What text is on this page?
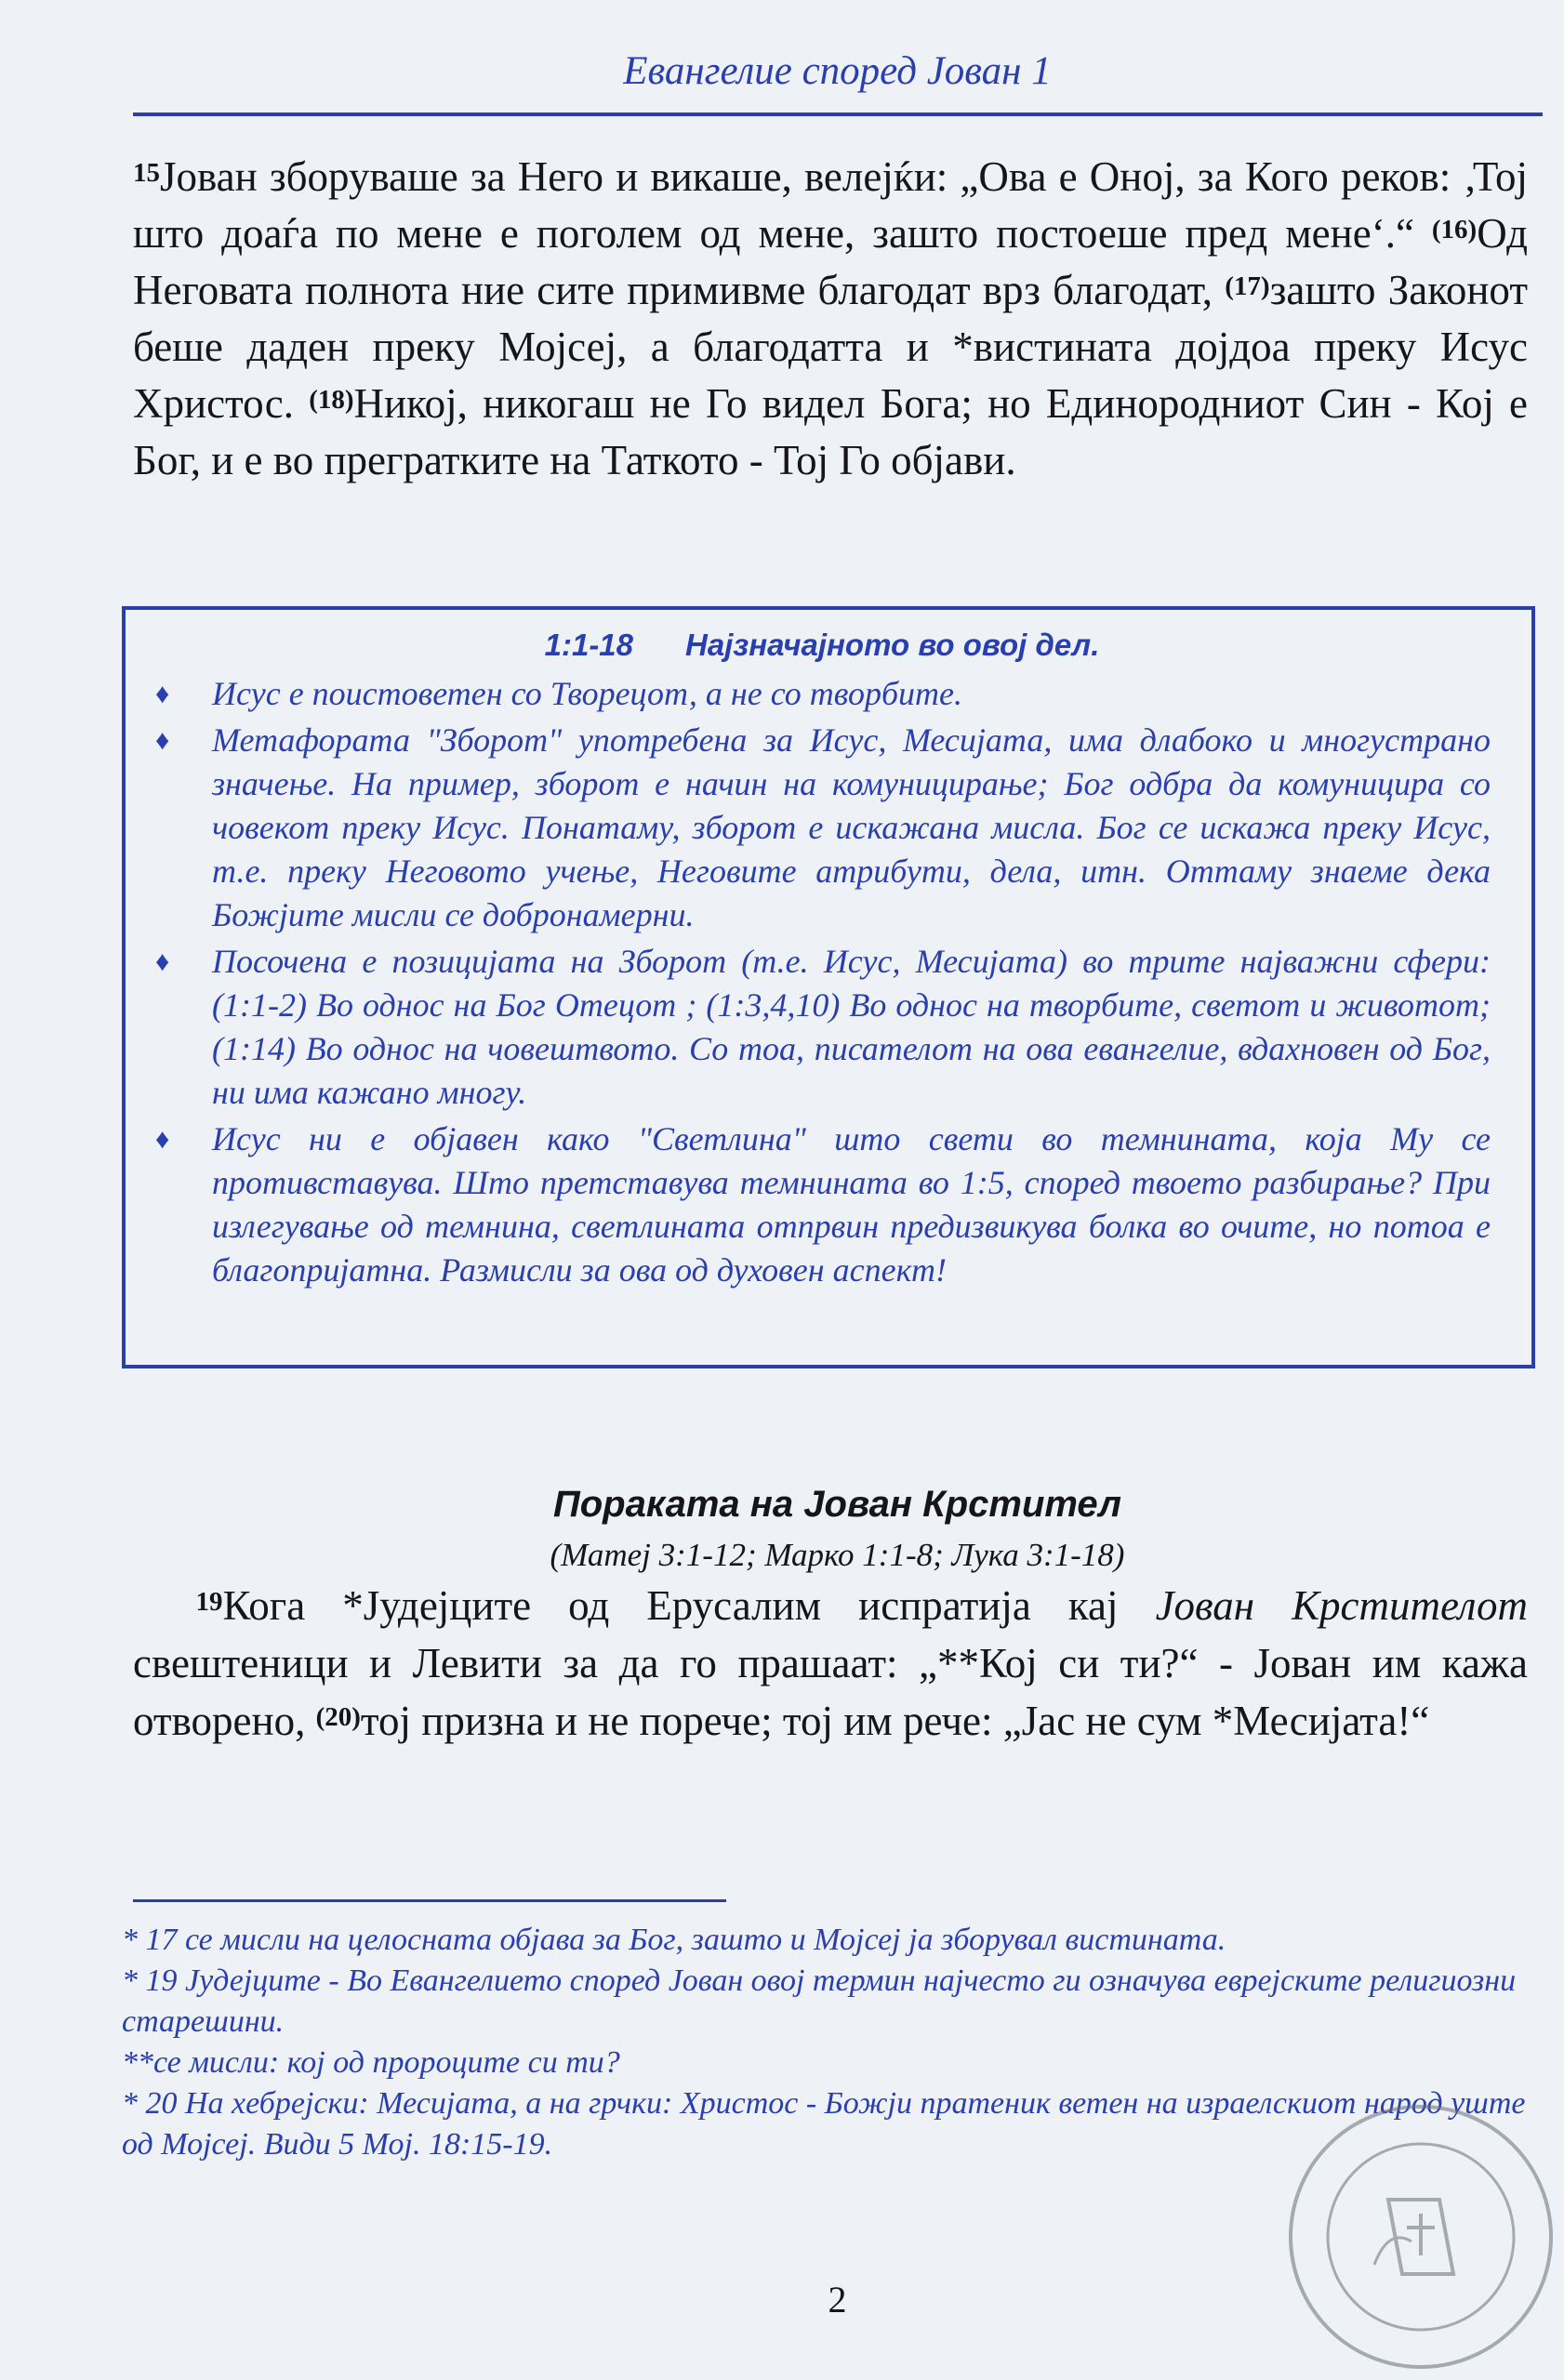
Евангелие според Јован 1

$^{15}$Јован зборуваше за Него и викаше, велејќи: „Ова е Оној, за Кого реков: ‚Тој што доаѓа по мене е поголем од мене, зашто постоеше пред мене‘.“ $^{(16)}$Од Неговата полнота ние сите примивме благодат врз благодат, $^{(17)}$зашто Законот беше даден преку Мојсеј, а благодатта и *вистината дојдоа преку Исус Христос. $^{(18)}$Никој, никогаш не Го видел Бога; но Единородниот Син - Кој е Бог, и е во прегратките на Таткото - Тој Го објави.

1:1-18 Најзначајното во овој дел.
♦ Исус е поистоветен со Творецот, а не со творбите.
♦ Метафората "Зборот" употребена за Исус, Месијата, има длабоко и многустрано значење. На пример, зборот е начин на комуницирање; Бог одбра да комуницира со човекот преку Исус. Понатаму, зборот е искажана мисла. Бог се искажа преку Исус, т.е. преку Неговото учење, Неговите атрибути, дела, итн. Оттаму знаеме дека Божјите мисли се добронамерни.
♦ Посочена е позицијата на Зборот (т.е. Исус, Месијата) во трите најважни сфери: (1:1-2) Во однос на Бог Отецот ; (1:3,4,10) Во однос на творбите, светот и животот; (1:14) Во однос на човештвото. Со тоа, писателот на ова евангелие, вдахновен од Бог, ни има кажано многу.
♦ Исус ни е објавен како "Светлина" што свети во темнината, која Му се противставува. Што претставува темнината во 1:5, според твоето разбирање? При излегување од темнина, светлината отпрвин предизвикува болка во очите, но потоа е благопријатна. Размисли за ова од духовен аспект!
Пораката на Јован Крстител
(Матеј 3:1-12; Марко 1:1-8; Лука 3:1-18)

  $^{19}$Кога *Јудејците од Ерусалим испратија кај Јован Крстителот свештеници и Левити за да го прашаат: „**Кој си ти?“ - Јован им кажа отворено, $^{(20)}$тој призна и не порече; тој им рече: „Јас не сум *Месијата!“

* 17 се мисли на целосната објава за Бог, зашто и Мојсеј ја зборувал вистината.

* 19 Јудејците - Во Евангелието според Јован овој термин најчесто ги означува еврејските религиозни старешини.

**се мисли: кој од пророците си ти?

* 20 На хебрејски: Месијата, а на грчки: Христос - Божји пратеник ветен на израелскиот народ уште од Мојсеј. Види 5 Мој. 18:15-19.

2
